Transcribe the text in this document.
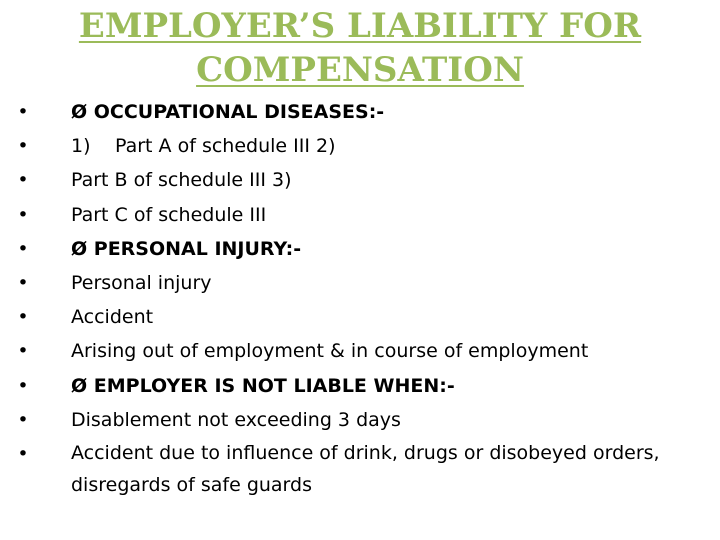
EMPLOYER’S LIABILITY FOR COMPENSATION
• Ø OCCUPATIONAL DISEASES:-
• 1) Part A of schedule III 2)
• Part B of schedule III 3)
• Part C of schedule III
• Ø PERSONAL INJURY:-
• Personal injury
• Accident
• Arising out of employment & in course of employment
• Ø EMPLOYER IS NOT LIABLE WHEN:-
• Disablement not exceeding 3 days
• Accident due to influence of drink, drugs or disobeyed orders, disregards of safe guards
